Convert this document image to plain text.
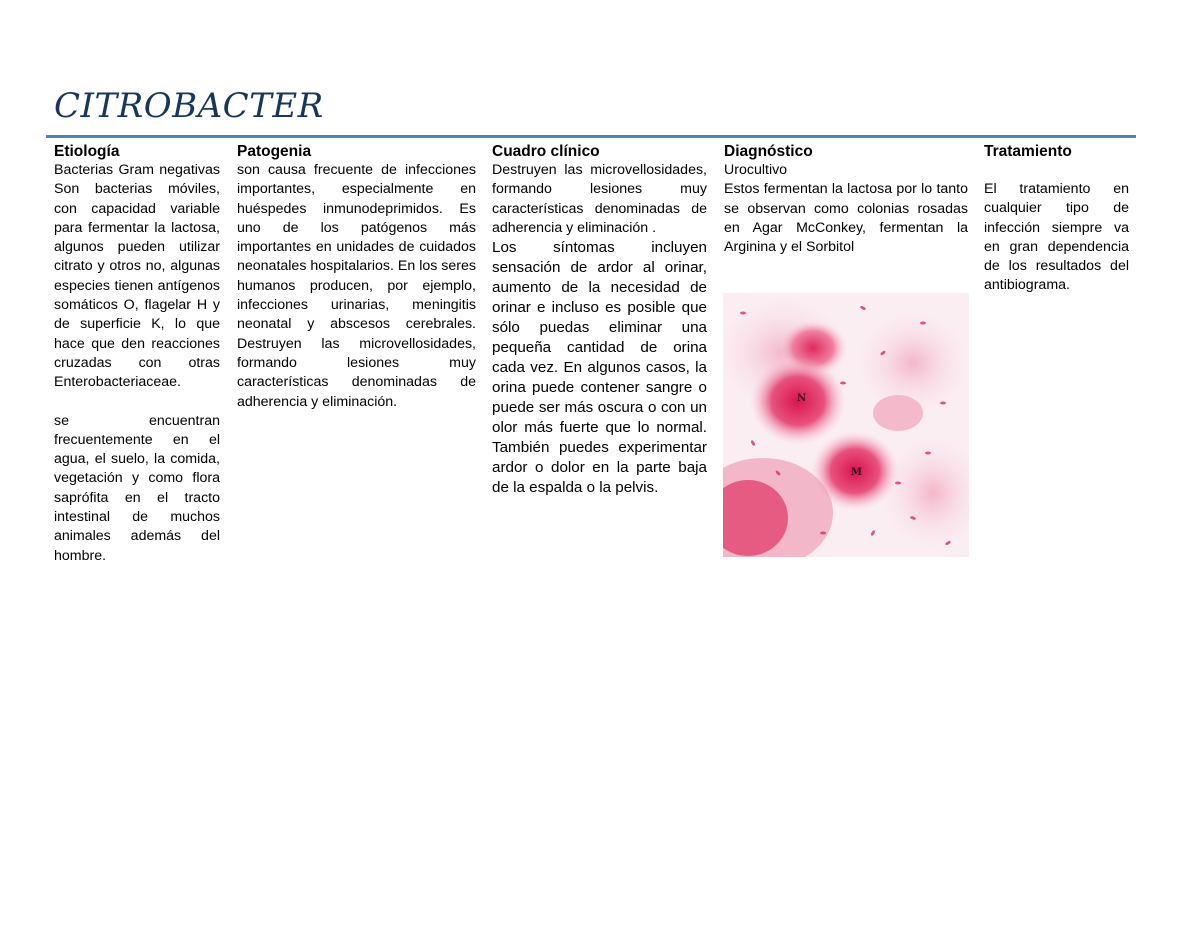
CITROBACTER
Etiología

Bacterias Gram negativas Son bacterias móviles, con capacidad variable para fermentar la lactosa, algunos pueden utilizar citrato y otros no, algunas especies tienen antígenos somáticos O, flagelar H y de superficie K, lo que hace que den reacciones cruzadas con otras Enterobacteriaceae.

se encuentran frecuentemente en el agua, el suelo, la comida, vegetación y como flora saprófita en el tracto intestinal de muchos animales además del hombre.

Patogenia

son causa frecuente de infecciones importantes, especialmente en huéspedes inmunodeprimidos. Es uno de los patógenos más importantes en unidades de cuidados neonatales hospitalarios. En los seres humanos producen, por ejemplo, infecciones urinarias, meningitis neonatal y abscesos cerebrales. Destruyen las microvellosidades, formando lesiones muy características denominadas de adherencia y eliminación.

Cuadro clínico

Destruyen las microvellosidades, formando lesiones muy características denominadas de adherencia y eliminación .

Los síntomas incluyen sensación de ardor al orinar, aumento de la necesidad de orinar e incluso es posible que sólo puedas eliminar una pequeña cantidad de orina cada vez. En algunos casos, la orina puede contener sangre o puede ser más oscura o con un olor más fuerte que lo normal. También puedes experimentar ardor o dolor en la parte baja de la espalda o la pelvis.

Diagnóstico

Urocultivo

Estos fermentan la lactosa por lo tanto se observan como colonias rosadas en Agar McConkey, fermentan la Arginina y el Sorbitol

N
M
Tratamiento

El tratamiento en cualquier tipo de infección siempre va en gran dependencia de los resultados del antibiograma.
